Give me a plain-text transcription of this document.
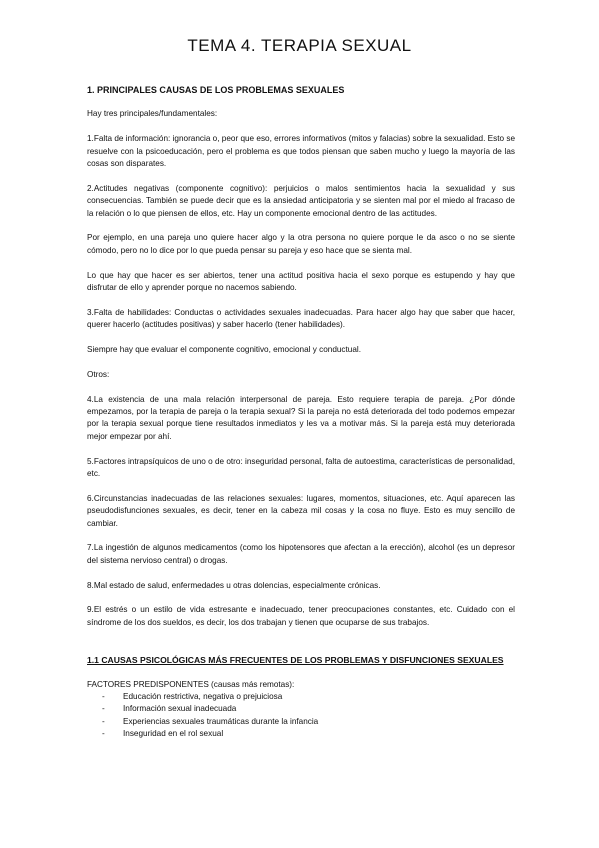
TEMA 4. TERAPIA SEXUAL

1. PRINCIPALES CAUSAS DE LOS PROBLEMAS SEXUALES

Hay tres principales/fundamentales:

1.Falta de información: ignorancia o, peor que eso, errores informativos (mitos y falacias) sobre la sexualidad. Esto se resuelve con la psicoeducación, pero el problema es que todos piensan que saben mucho y luego la mayoría de las cosas son disparates.

2.Actitudes negativas (componente cognitivo): perjuicios o malos sentimientos hacia la sexualidad y sus consecuencias. También se puede decir que es la ansiedad anticipatoria y se sienten mal por el miedo al fracaso de la relación o lo que piensen de ellos, etc. Hay un componente emocional dentro de las actitudes.

Por ejemplo, en una pareja uno quiere hacer algo y la otra persona no quiere porque le da asco o no se siente cómodo, pero no lo dice por lo que pueda pensar su pareja y eso hace que se sienta mal.

Lo que hay que hacer es ser abiertos, tener una actitud positiva hacia el sexo porque es estupendo y hay que disfrutar de ello y aprender porque no nacemos sabiendo.

3.Falta de habilidades: Conductas o actividades sexuales inadecuadas. Para hacer algo hay que saber que hacer, querer hacerlo (actitudes positivas) y saber hacerlo (tener habilidades).

Siempre hay que evaluar el componente cognitivo, emocional y conductual.

Otros:

4.La existencia de una mala relación interpersonal de pareja. Esto requiere terapia de pareja. ¿Por dónde empezamos, por la terapia de pareja o la terapia sexual? Si la pareja no está deteriorada del todo podemos empezar por la terapia sexual porque tiene resultados inmediatos y les va a motivar más. Si la pareja está muy deteriorada mejor empezar por ahí.

5.Factores intrapsíquicos de uno o de otro: inseguridad personal, falta de autoestima, características de personalidad, etc.

6.Circunstancias inadecuadas de las relaciones sexuales: lugares, momentos, situaciones, etc. Aquí aparecen las pseudodisfunciones sexuales, es decir, tener en la cabeza mil cosas y la cosa no fluye. Esto es muy sencillo de cambiar.

7.La ingestión de algunos medicamentos (como los hipotensores que afectan a la erección), alcohol (es un depresor del sistema nervioso central) o drogas.

8.Mal estado de salud, enfermedades u otras dolencias, especialmente crónicas.

9.El estrés o un estilo de vida estresante e inadecuado, tener preocupaciones constantes, etc. Cuidado con el síndrome de los dos sueldos, es decir, los dos trabajan y tienen que ocuparse de sus trabajos.

1.1 CAUSAS PSICOLÓGICAS MÁS FRECUENTES DE LOS PROBLEMAS Y DISFUNCIONES SEXUALES

FACTORES PREDISPONENTES (causas más remotas):

- Educación restrictiva, negativa o prejuiciosa
- Información sexual inadecuada
- Experiencias sexuales traumáticas durante la infancia
- Inseguridad en el rol sexual
